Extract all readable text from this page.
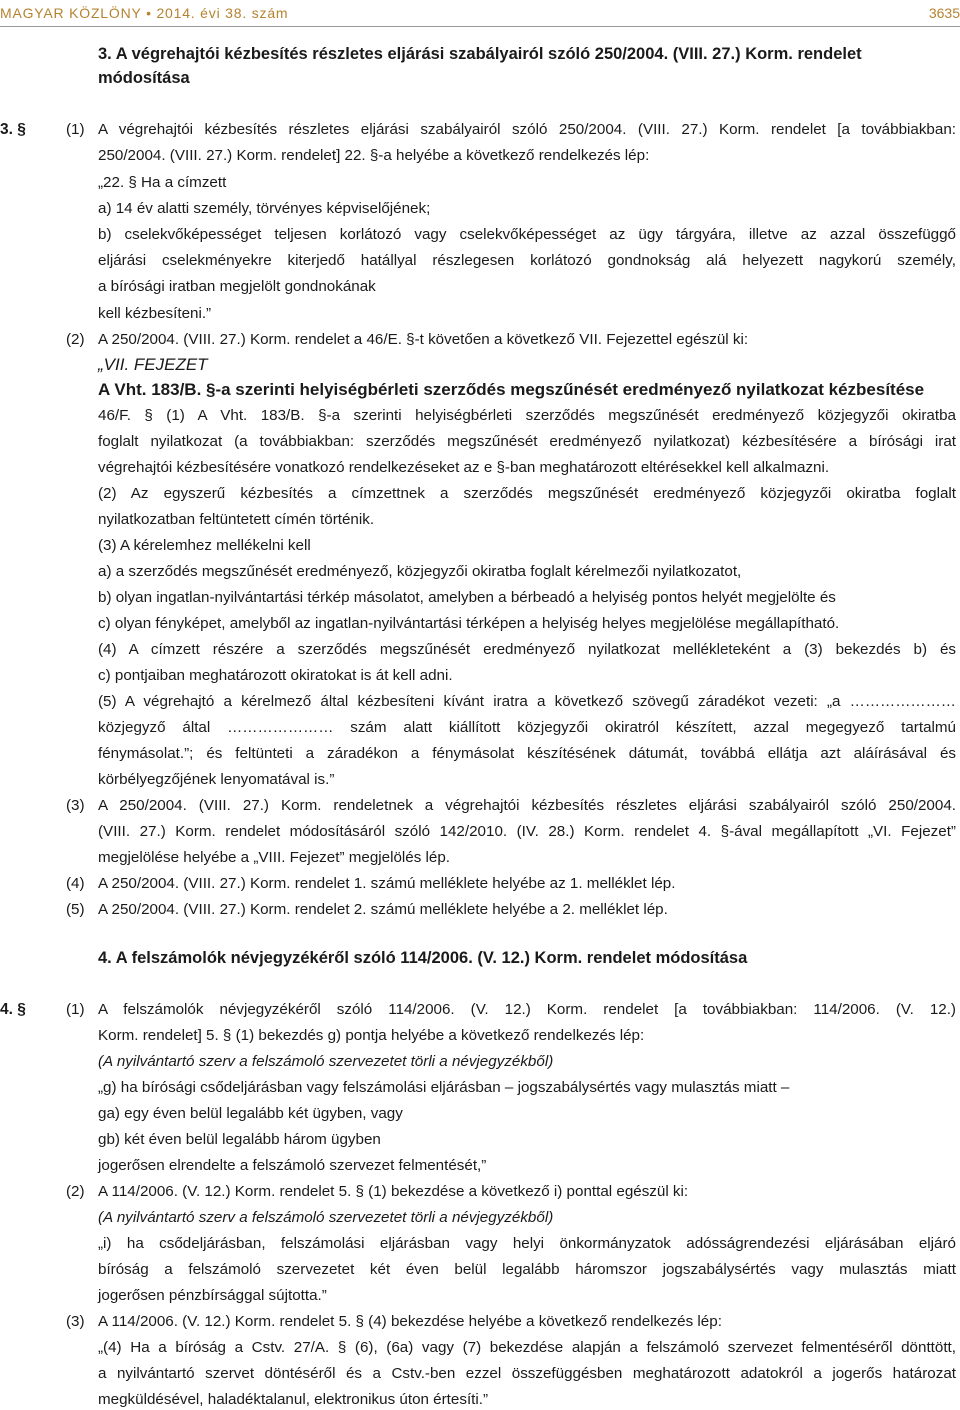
MAGYAR KÖZLÖNY • 2014. évi 38. szám	3635
3. A végrehajtói kézbesítés részletes eljárási szabályairól szóló 250/2004. (VIII. 27.) Korm. rendelet
módosítása
3. §	(1) A végrehajtói kézbesítés részletes eljárási szabályairól szóló 250/2004. (VIII. 27.) Korm. rendelet [a továbbiakban:
250/2004. (VIII. 27.) Korm. rendelet] 22. §-a helyébe a következő rendelkezés lép:
„22. § Ha a címzett
a) 14 év alatti személy, törvényes képviselőjének;
b) cselekvőképességet teljesen korlátozó vagy cselekvőképességet az ügy tárgyára, illetve az azzal összefüggő
eljárási cselekményekre kiterjedő hatállyal részlegesen korlátozó gondnokság alá helyezett nagykorú személy,
a bírósági iratban megjelölt gondnokának
kell kézbesíteni.”
(2) A 250/2004. (VIII. 27.) Korm. rendelet a 46/E. §-t követően a következő VII. Fejezettel egészül ki:
„VII. FEJEZET
A Vht. 183/B. §-a szerinti helyiségbérleti szerződés megszűnését eredményező nyilatkozat kézbesítése
46/F. § (1) A Vht. 183/B. §-a szerinti helyiségbérleti szerződés megszűnését eredményező közjegyzői okiratba
foglalt nyilatkozat (a továbbiakban: szerződés megszűnését eredményező nyilatkozat) kézbesítésére a bírósági irat
végrehajtói kézbesítésére vonatkozó rendelkezéseket az e §-ban meghatározott eltérésekkel kell alkalmazni.
(2) Az egyszerű kézbesítés a címzettnek a szerződés megszűnését eredményező közjegyzői okiratba foglalt
nyilatkozatban feltüntetett címén történik.
(3) A kérelemhez mellékelni kell
a) a szerződés megszűnését eredményező, közjegyzői okiratba foglalt kérelmezői nyilatkozatot,
b) olyan ingatlan-nyilvántartási térkép másolatot, amelyben a bérbeadó a helyiség pontos helyét megjelölte és
c) olyan fényképet, amelyből az ingatlan-nyilvántartási térképen a helyiség helyes megjelölése megállapítható.
(4) A címzett részére a szerződés megszűnését eredményező nyilatkozat mellékleteként a (3) bekezdés b) és
c) pontjaiban meghatározott okiratokat is át kell adni.
(5) A végrehajtó a kérelmező által kézbesíteni kívánt iratra a következő szövegű záradékot vezeti: „a …………………
közjegyző által ………………… szám alatt kiállított közjegyzői okiratról készített, azzal megegyező tartalmú
fénymásolat.”; és feltünteti a záradékon a fénymásolat készítésének dátumát, továbbá ellátja azt aláírásával és
körbélyegzőjének lenyomatával is.”
(3) A 250/2004. (VIII. 27.) Korm. rendeletnek a végrehajtói kézbesítés részletes eljárási szabályairól szóló 250/2004.
(VIII. 27.) Korm. rendelet módosításáról szóló 142/2010. (IV. 28.) Korm. rendelet 4. §-ával megállapított „VI. Fejezet”
megjelölése helyébe a „VIII. Fejezet” megjelölés lép.
(4) A 250/2004. (VIII. 27.) Korm. rendelet 1. számú melléklete helyébe az 1. melléklet lép.
(5) A 250/2004. (VIII. 27.) Korm. rendelet 2. számú melléklete helyébe a 2. melléklet lép.
4. A felszámolók névjegyzékéről szóló 114/2006. (V. 12.) Korm. rendelet módosítása
4. §	(1) A felszámolók névjegyzékéről szóló 114/2006. (V. 12.) Korm. rendelet [a továbbiakban: 114/2006. (V. 12.)
Korm. rendelet] 5. § (1) bekezdés g) pontja helyébe a következő rendelkezés lép:
(A nyilvántartó szerv a felszámoló szervezetet törli a névjegyzékből)
„g) ha bírósági csődeljárásban vagy felszámolási eljárásban – jogszabálysértés vagy mulasztás miatt –
ga) egy éven belül legalább két ügyben, vagy
gb) két éven belül legalább három ügyben
jogerősen elrendelte a felszámoló szervezet felmentését,”
(2) A 114/2006. (V. 12.) Korm. rendelet 5. § (1) bekezdése a következő i) ponttal egészül ki:
(A nyilvántartó szerv a felszámoló szervezetet törli a névjegyzékből)
„i) ha csődeljárásban, felszámolási eljárásban vagy helyi önkormányzatok adósságrendezési eljárásában eljáró
bíróság a felszámoló szervezetet két éven belül legalább háromszor jogszabálysértés vagy mulasztás miatt
jogerősen pénzbírsággal sújtotta.”
(3) A 114/2006. (V. 12.) Korm. rendelet 5. § (4) bekezdése helyébe a következő rendelkezés lép:
„(4) Ha a bíróság a Cstv. 27/A. § (6), (6a) vagy (7) bekezdése alapján a felszámoló szervezet felmentéséről dönttött,
a nyilvántartó szervet döntéséről és a Cstv.-ben ezzel összefüggésben meghatározott adatokról a jogerős határozat
megküldésével, haladéktalanul, elektronikus úton értesíti.”
